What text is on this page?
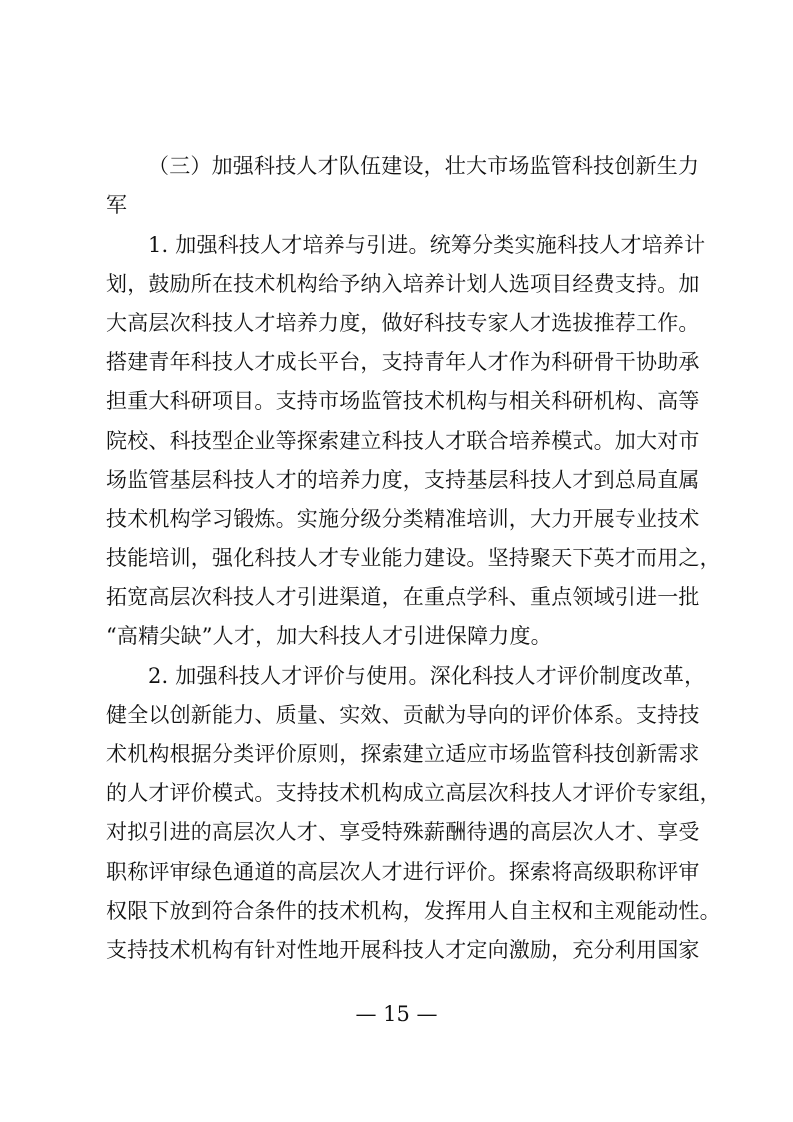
（三）加强科技人才队伍建设，壮大市场监管科技创新生力
军
1. 加强科技人才培养与引进。统筹分类实施科技人才培养计
划，鼓励所在技术机构给予纳入培养计划人选项目经费支持。加
大高层次科技人才培养力度，做好科技专家人才选拔推荐工作。
搭建青年科技人才成长平台，支持青年人才作为科研骨干协助承
担重大科研项目。支持市场监管技术机构与相关科研机构、高等
院校、科技型企业等探索建立科技人才联合培养模式。加大对市
场监管基层科技人才的培养力度，支持基层科技人才到总局直属
技术机构学习锻炼。实施分级分类精准培训，大力开展专业技术
技能培训，强化科技人才专业能力建设。坚持聚天下英才而用之，
拓宽高层次科技人才引进渠道，在重点学科、重点领域引进一批
“高精尖缺”人才，加大科技人才引进保障力度。
2. 加强科技人才评价与使用。深化科技人才评价制度改革，
健全以创新能力、质量、实效、贡献为导向的评价体系。支持技
术机构根据分类评价原则，探索建立适应市场监管科技创新需求
的人才评价模式。支持技术机构成立高层次科技人才评价专家组，
对拟引进的高层次人才、享受特殊薪酬待遇的高层次人才、享受
职称评审绿色通道的高层次人才进行评价。探索将高级职称评审
权限下放到符合条件的技术机构，发挥用人自主权和主观能动性。
支持技术机构有针对性地开展科技人才定向激励，充分利用国家
— 15 —
